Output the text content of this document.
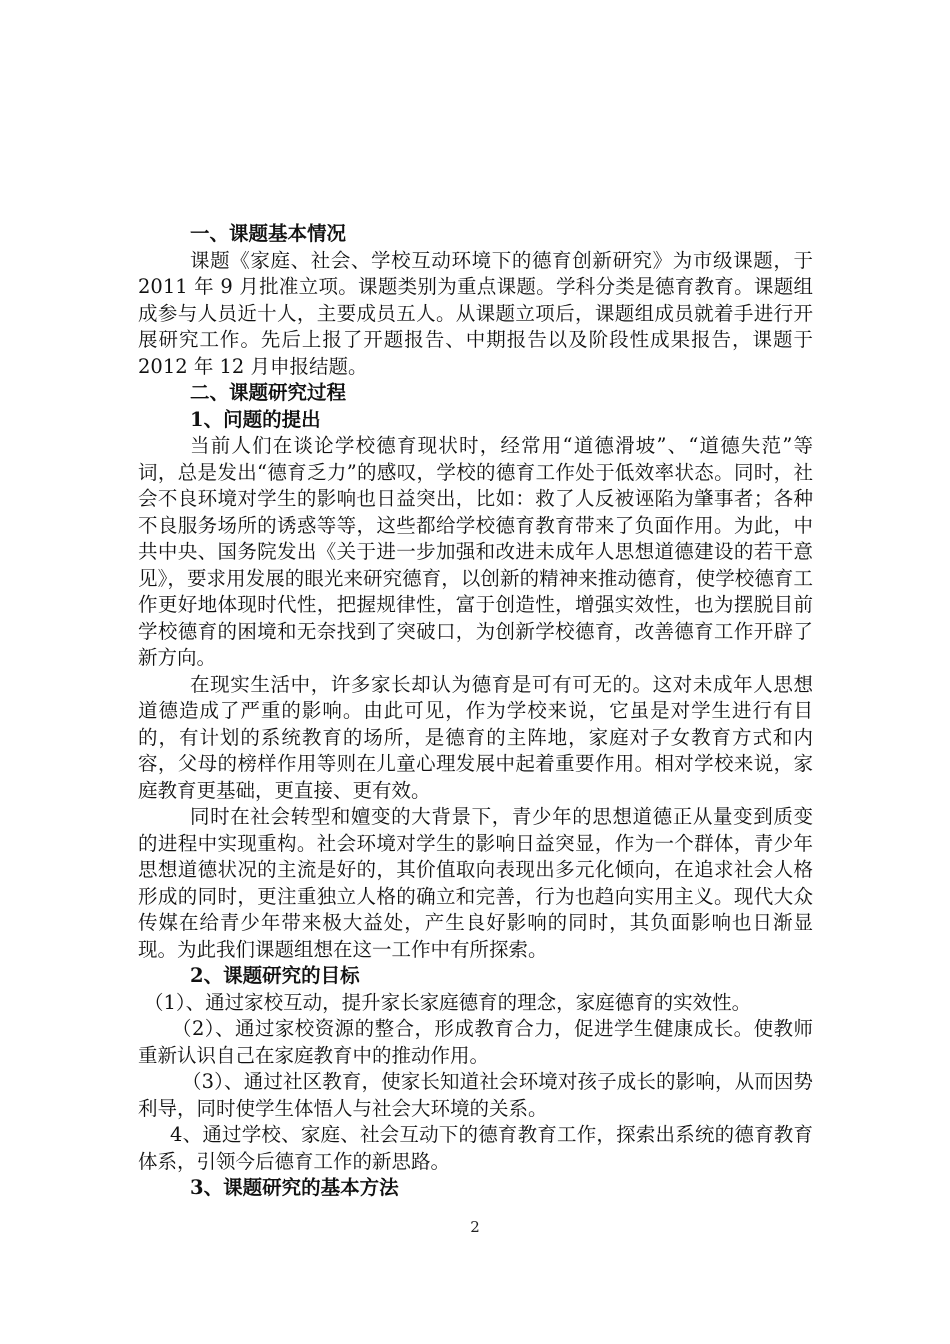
一、课题基本情况

课题《家庭、社会、学校互动环境下的德育创新研究》为市级课题，于 2011 年 9 月批准立项。课题类别为重点课题。学科分类是德育教育。课题组成参与人员近十人，主要成员五人。从课题立项后，课题组成员就着手进行开展研究工作。先后上报了开题报告、中期报告以及阶段性成果报告，课题于 2012 年 12 月申报结题。

二、课题研究过程

1、问题的提出

当前人们在谈论学校德育现状时，经常用“道德滑坡”、“道德失范”等词，总是发出“德育乏力”的感叹，学校的德育工作处于低效率状态。同时，社会不良环境对学生的影响也日益突出，比如：救了人反被诬陷为肇事者；各种不良服务场所的诱惑等等，这些都给学校德育教育带来了负面作用。为此，中共中央、国务院发出《关于进一步加强和改进未成年人思想道德建设的若干意见》，要求用发展的眼光来研究德育，以创新的精神来推动德育，使学校德育工作更好地体现时代性，把握规律性，富于创造性，增强实效性，也为摆脱目前学校德育的困境和无奈找到了突破口，为创新学校德育，改善德育工作开辟了新方向。

在现实生活中，许多家长却认为德育是可有可无的。这对未成年人思想道德造成了严重的影响。由此可见，作为学校来说，它虽是对学生进行有目的，有计划的系统教育的场所，是德育的主阵地，家庭对子女教育方式和内容，父母的榜样作用等则在儿童心理发展中起着重要作用。相对学校来说，家庭教育更基础，更直接、更有效。

同时在社会转型和嬗变的大背景下，青少年的思想道德正从量变到质变的进程中实现重构。社会环境对学生的影响日益突显，作为一个群体，青少年思想道德状况的主流是好的，其价值取向表现出多元化倾向，在追求社会人格形成的同时，更注重独立人格的确立和完善，行为也趋向实用主义。现代大众传媒在给青少年带来极大益处，产生良好影响的同时，其负面影响也日渐显现。为此我们课题组想在这一工作中有所探索。

2、课题研究的目标

（1）、通过家校互动，提升家长家庭德育的理念，家庭德育的实效性。

（2）、通过家校资源的整合，形成教育合力，促进学生健康成长。使教师重新认识自己在家庭教育中的推动作用。

（3）、通过社区教育，使家长知道社会环境对孩子成长的影响，从而因势利导，同时使学生体悟人与社会大环境的关系。

4、通过学校、家庭、社会互动下的德育教育工作，探索出系统的德育教育体系，引领今后德育工作的新思路。

3、课题研究的基本方法

2
